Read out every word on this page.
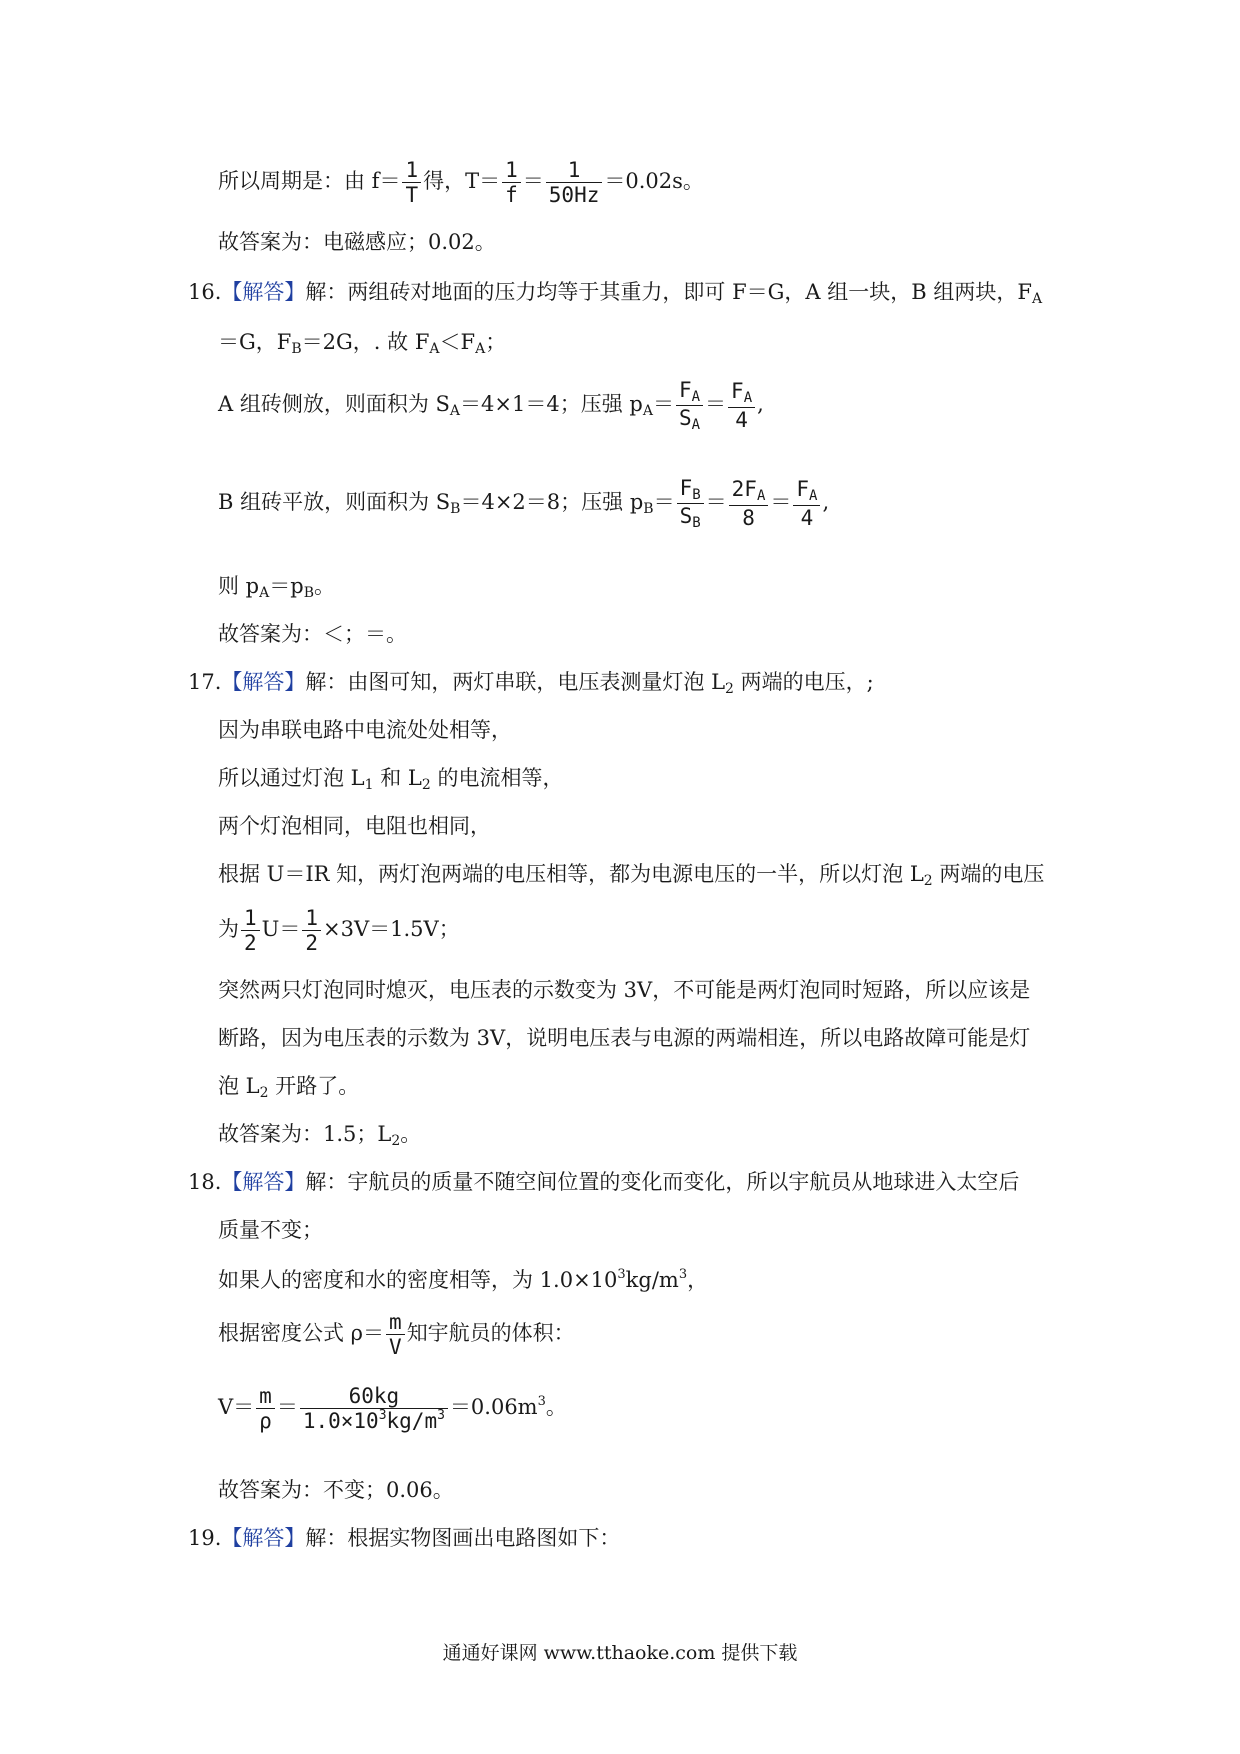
所以周期是：由 $f= \frac{1}{T}$ 得，$T= \frac{1}{f} = \frac{1}{50Hz} =0.02s$。
故答案为：电磁感应；0.02。
16.【解答】解：两组砖对地面的压力均等于其重力，即可 F＝G，A 组一块，B 组两块，$F_A$
＝G，$F_B=2G$，. 故 $F_A<F_A$；
A 组砖侧放，则面积为 $S_A=4\times 1=4$；压强 $p_A= \frac{F_A}{S_A} = \frac{F_A}{4}$ ,
B 组砖平放，则面积为 $S_B=4\times 2=8$；压强 $p_B= \frac{F_B}{S_B} = \frac{2F_A}{8} = \frac{F_A}{4}$ ,
则 $p_A=p_B$。
故答案为：＜；＝。
17.【解答】解：由图可知，两灯串联，电压表测量灯泡 $L_2$ 两端的电压，;
因为串联电路中电流处处相等，
所以通过灯泡 $L_1$ 和 $L_2$ 的电流相等，
两个灯泡相同，电阻也相同，
根据 U＝IR 知，两灯泡两端的电压相等，都为电源电压的一半，所以灯泡 $L_2$ 两端的电压
为 $\frac{1}{2} U= \frac{1}{2} \times 3V=1.5V$；
突然两只灯泡同时熄灭，电压表的示数变为 3V，不可能是两灯泡同时短路，所以应该是
断路，因为电压表的示数为 3V，说明电压表与电源的两端相连，所以电路故障可能是灯
泡 $L_2$ 开路了。
故答案为：1.5；$L_2$。
18.【解答】解：宇航员的质量不随空间位置的变化而变化，所以宇航员从地球进入太空后
质量不变；
如果人的密度和水的密度相等，为 $1.0\times 10^3kg/m^3$，
根据密度公式 $\rho= \frac{m}{V}$ 知宇航员的体积：
$V= \frac{m}{\rho} = \frac{60kg}{1.0\times 10^3kg/m^3} =0.06m^3$。
故答案为：不变；0.06。
19.【解答】解：根据实物图画出电路图如下：
通通好课网 www.tthaoke.com 提供下载
